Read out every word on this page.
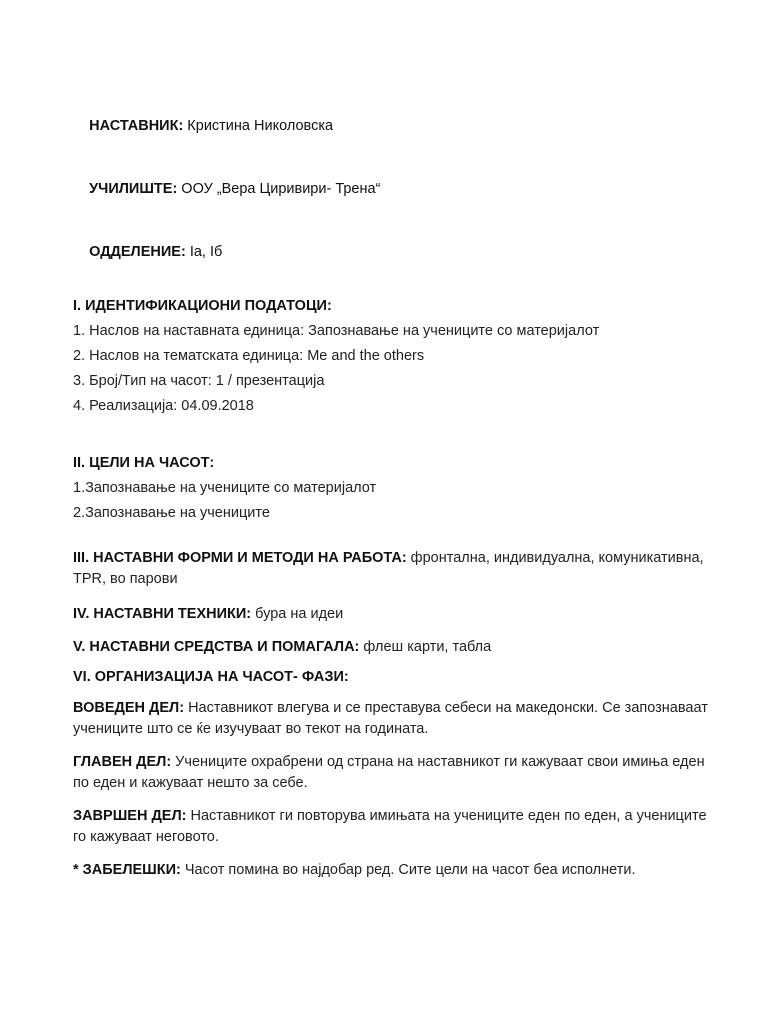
НАСТАВНИК: Кристина Николовска

УЧИЛИШТЕ: ООУ „Вера Циривири- Трена“

ОДДЕЛЕНИЕ: Iа, Iб

I. ИДЕНТИФИКАЦИОНИ ПОДАТОЦИ:

1. Наслов на наставната единица: Запознавање на учениците со материјалот

2. Наслов на тематската единица: Me and the others

3. Број/Тип на часот: 1 / презентација

4. Реализација: 04.09.2018

II. ЦЕЛИ НА ЧАСОТ:

1.Запознавање на учениците со материјалот

2.Запознавање на учениците

III. НАСТАВНИ ФОРМИ И МЕТОДИ НА РАБОТА: фронтална, индивидуална, комуникативна, TPR, во парови

IV. НАСТАВНИ ТЕХНИКИ: бура на идеи

V. НАСТАВНИ СРЕДСТВА И ПОМАГАЛА: флеш карти, табла

VI. ОРГАНИЗАЦИЈА НА ЧАСОТ- ФАЗИ:

ВОВЕДЕН ДЕЛ: Наставникот влегува и се преставува себеси на македонски. Се запознаваат учениците што се ќе изучуваат во текот на годината.

ГЛАВЕН ДЕЛ: Учениците охрабрени од страна на наставникот ги кажуваат свои имиња еден по еден и кажуваат нешто за себе.

ЗАВРШЕН ДЕЛ: Наставникот ги повторува имињата на учениците еден по еден, а учениците го кажуваат неговото.

* ЗАБЕЛЕШКИ: Часот помина во најдобар ред. Сите цели на часот беа исполнети.
